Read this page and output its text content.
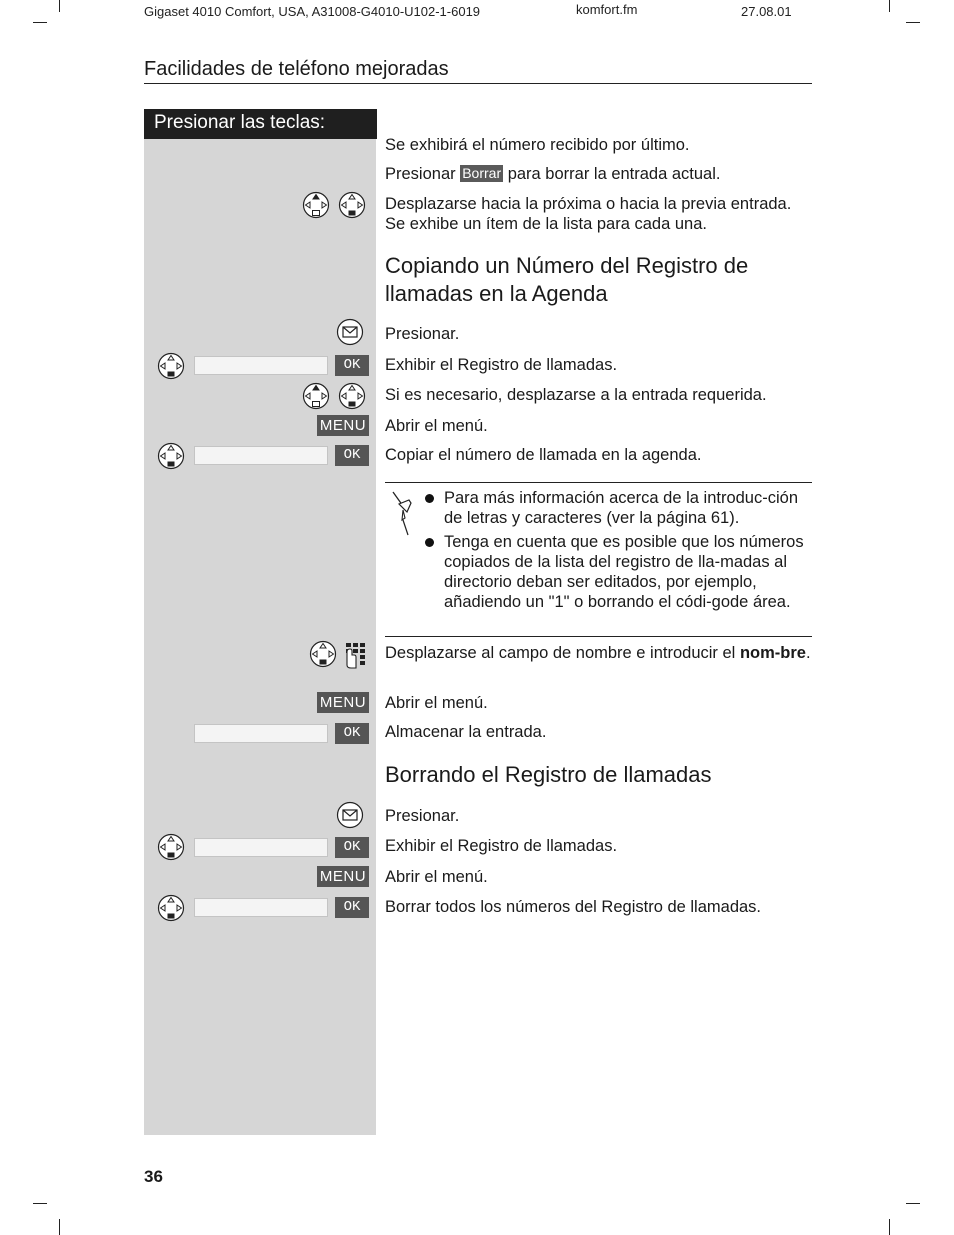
Gigaset 4010 Comfort, USA, A31008-G4010-U102-1-6019	komfort.fm	27.08.01
Facilidades de teléfono mejoradas
Presionar las teclas:
Se exhibirá el número recibido por último.
Presionar Borrar para borrar la entrada actual.
Desplazarse hacia la próxima o hacia la previa entrada. Se exhibe un ítem de la lista para cada una.
Copiando un Número del Registro de llamadas en la Agenda
Presionar.
OK	Exhibir el Registro de llamadas.
Si es necesario, desplazarse a la entrada requerida.
MENU Abrir el menú.
OK	Copiar el número de llamada en la agenda.
Para más información acerca de la introduc-ción de letras y caracteres (ver la página 61).
Tenga en cuenta que es posible que los números copiados de la lista del registro de lla-madas al directorio deban ser editados, por ejemplo, añadiendo un "1" o borrando el códi-gode área.
Desplazarse al campo de nombre e introducir el nom-bre.
MENU Abrir el menú.
OK	Almacenar la entrada.
Borrando el Registro de llamadas
Presionar.
OK	Exhibir el Registro de llamadas.
MENU Abrir el menú.
OK	Borrar todos los números del Registro de llamadas.
36
